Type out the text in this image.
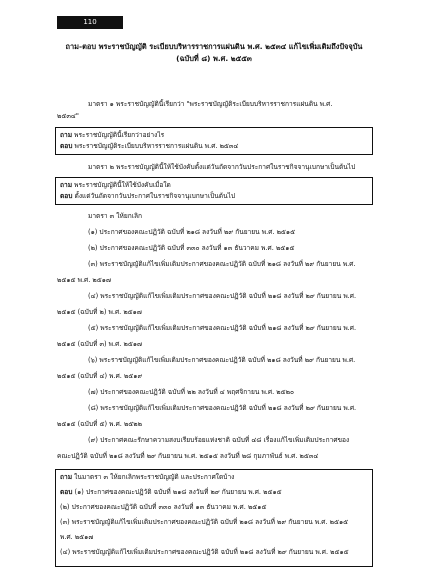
110
ถาม-ตอบ พระราชบัญญัติ ระเบียบบริหารราชการแผ่นดิน พ.ศ. ๒๕๓๔ แก้ไขเพิ่มเติมถึงปัจจุบัน
(ฉบับที่ ๘) พ.ศ. ๒๕๕๓
มาตรา ๑ พระราชบัญญัตินี้เรียกว่า "พระราชบัญญัติระเบียบบริหารราชการแผ่นดิน พ.ศ.
๒๕๓๔"
ถาม พระราชบัญญัตินี้เรียกว่าอย่างไร
ตอบ พระราชบัญญัติระเบียบบริหารราชการแผ่นดิน พ.ศ. ๒๕๓๔
มาตรา ๒ พระราชบัญญัตินี้ให้ใช้บังคับตั้งแต่วันถัดจากวันประกาศในราชกิจจานุเบกษาเป็นต้นไป
ถาม พระราชบัญญัตินี้ให้ใช้บังคับเมื่อใด
ตอบ ตั้งแต่วันถัดจากวันประกาศในราชกิจจานุเบกษาเป็นต้นไป
มาตรา ๓ ให้ยกเลิก
(๑) ประกาศของคณะปฏิวัติ ฉบับที่ ๒๑๘ ลงวันที่ ๒๙ กันยายน พ.ศ. ๒๕๑๕
(๒) ประกาศของคณะปฏิวัติ ฉบับที่ ๓๓๐ ลงวันที่ ๑๓ ธันวาคม พ.ศ. ๒๕๑๕
(๓) พระราชบัญญัติแก้ไขเพิ่มเติมประกาศของคณะปฏิวัติ ฉบับที่ ๒๑๘ ลงวันที่ ๒๙ กันยายน พ.ศ.
๒๕๑๕ พ.ศ. ๒๕๑๗
(๔) พระราชบัญญัติแก้ไขเพิ่มเติมประกาศของคณะปฏิวัติ ฉบับที่ ๒๑๘ ลงวันที่ ๒๙ กันยายน พ.ศ.
๒๕๑๕ (ฉบับที่ ๒) พ.ศ. ๒๕๑๗
(๕) พระราชบัญญัติแก้ไขเพิ่มเติมประกาศของคณะปฏิวัติ ฉบับที่ ๒๑๘ ลงวันที่ ๒๙ กันยายน พ.ศ.
๒๕๑๕ (ฉบับที่ ๓) พ.ศ. ๒๕๑๗
(๖) พระราชบัญญัติแก้ไขเพิ่มเติมประกาศของคณะปฏิวัติ ฉบับที่ ๒๑๘ ลงวันที่ ๒๙ กันยายน พ.ศ.
๒๕๑๕ (ฉบับที่ ๔) พ.ศ. ๒๕๑๙
(๗) ประกาศของคณะปฏิวัติ ฉบับที่ ๒๒ ลงวันที่ ๔ พฤศจิกายน พ.ศ. ๒๕๒๐
(๘) พระราชบัญญัติแก้ไขเพิ่มเติมประกาศของคณะปฏิวัติ ฉบับที่ ๒๑๘ ลงวันที่ ๒๙ กันยายน พ.ศ.
๒๕๑๕ (ฉบับที่ ๕) พ.ศ. ๒๕๒๒
(๙) ประกาศคณะรักษาความสงบเรียบร้อยแห่งชาติ ฉบับที่ ๔๘ เรื่องแก้ไขเพิ่มเติมประกาศของ
คณะปฏิวัติ ฉบับที่ ๒๑๘ ลงวันที่ ๒๙ กันยายน พ.ศ. ๒๕๑๕ ลงวันที่ ๒๘ กุมภาพันธ์ พ.ศ. ๒๕๓๔
ถาม ในมาตรา ๓ ให้ยกเลิกพระราชบัญญัติ และประกาศใดบ้าง
ตอบ (๑) ประกาศของคณะปฏิวัติ ฉบับที่ ๒๑๘ ลงวันที่ ๒๙ กันยายน พ.ศ. ๒๕๑๕
(๒) ประกาศของคณะปฏิวัติ ฉบับที่ ๓๓๐ ลงวันที่ ๑๓ ธันวาคม พ.ศ. ๒๕๑๕
(๓) พระราชบัญญัติแก้ไขเพิ่มเติมประกาศของคณะปฏิวัติ ฉบับที่ ๒๑๘ ลงวันที่ ๒๙ กันยายน พ.ศ. ๒๕๑๕
พ.ศ. ๒๕๑๗
(๔) พระราชบัญญัติแก้ไขเพิ่มเติมประกาศของคณะปฏิวัติ ฉบับที่ ๒๑๘ ลงวันที่ ๒๙ กันยายน พ.ศ. ๒๕๑๕
